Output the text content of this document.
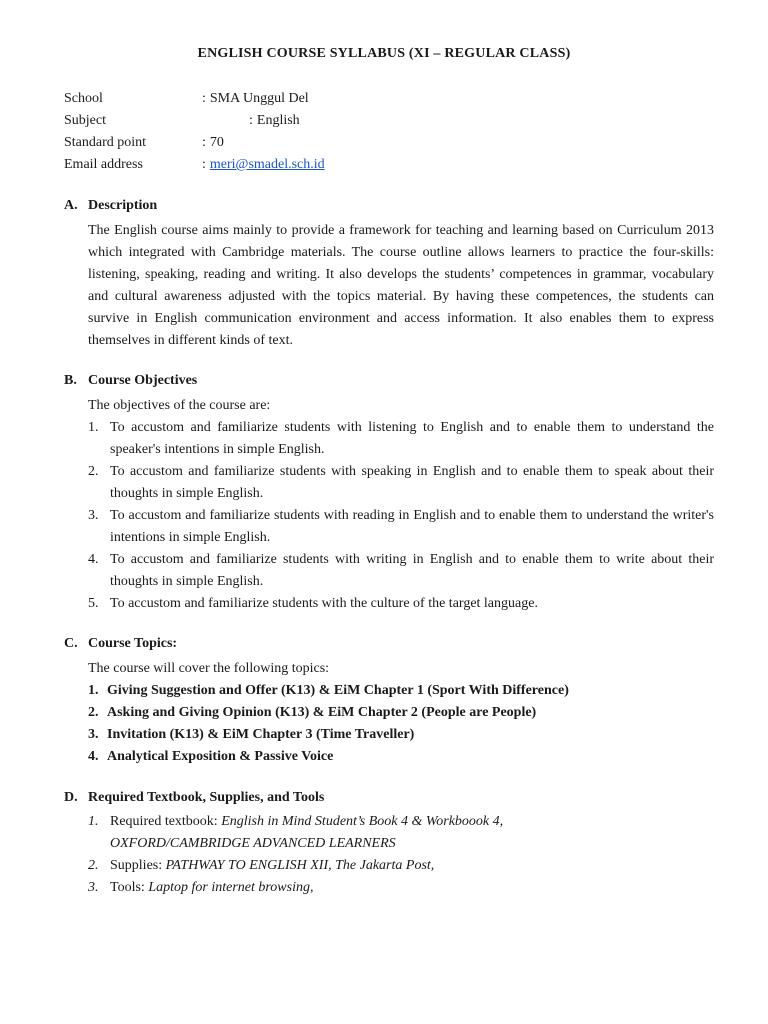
ENGLISH COURSE SYLLABUS (XI – REGULAR CLASS)
School	: SMA Unggul Del
Subject	: English
Standard point	: 70
Email address	: meri@smadel.sch.id
A. Description
The English course aims mainly to provide a framework for teaching and learning based on Curriculum 2013 which integrated with Cambridge materials. The course outline allows learners to practice the four-skills: listening, speaking, reading and writing. It also develops the students’ competences in grammar, vocabulary and cultural awareness adjusted with the topics material. By having these competences, the students can survive in English communication environment and access information. It also enables them to express themselves in different kinds of text.
B. Course Objectives
The objectives of the course are:
1. To accustom and familiarize students with listening to English and to enable them to understand the speaker's intentions in simple English.
2. To accustom and familiarize students with speaking in English and to enable them to speak about their thoughts in simple English.
3. To accustom and familiarize students with reading in English and to enable them to understand the writer's intentions in simple English.
4. To accustom and familiarize students with writing in English and to enable them to write about their thoughts in simple English.
5. To accustom and familiarize students with the culture of the target language.
C. Course Topics:
The course will cover the following topics:
1. Giving Suggestion and Offer (K13) & EiM Chapter 1 (Sport With Difference)
2. Asking and Giving Opinion (K13) & EiM Chapter 2 (People are People)
3. Invitation (K13) & EiM Chapter 3 (Time Traveller)
4. Analytical Exposition & Passive Voice
D. Required Textbook, Supplies, and Tools
1. Required textbook: English in Mind Student’s Book 4 & Workboook 4,
OXFORD/CAMBRIDGE ADVANCED LEARNERS
2. Supplies: PATHWAY TO ENGLISH XII, The Jakarta Post,
3. Tools: Laptop for internet browsing,
